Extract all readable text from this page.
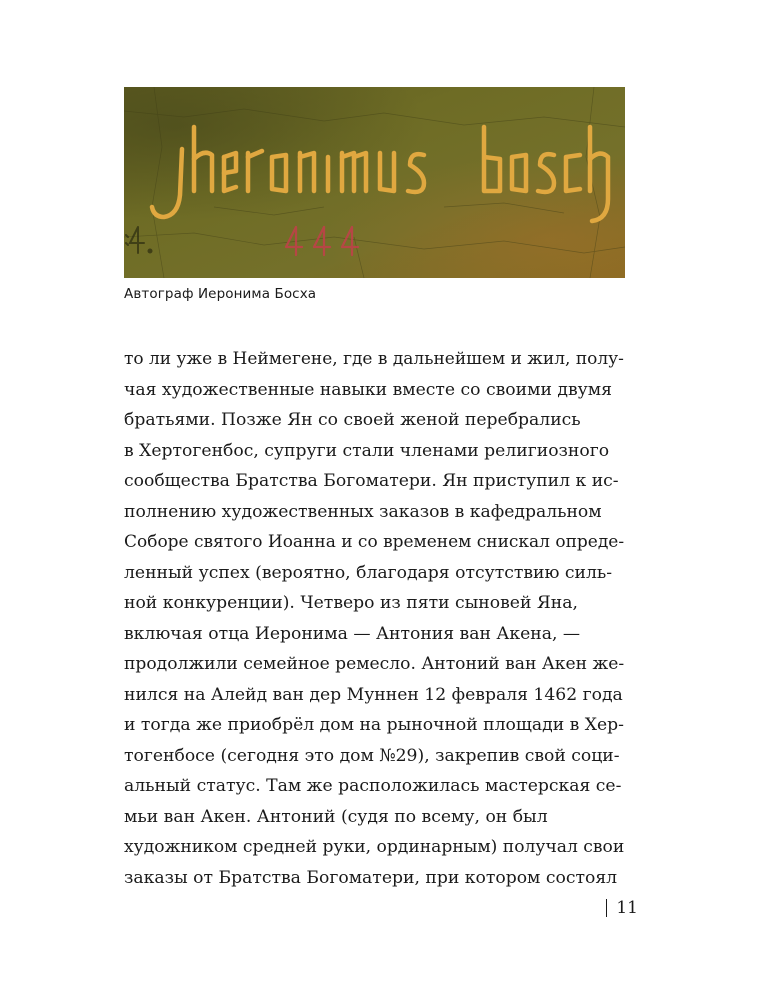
Автограф Иеронима Босха
то ли уже в Неймегене, где в дальнейшем и жил, полу-
чая художественные навыки вместе со своими двумя
братьями. Позже Ян со своей женой перебрались
в Хертогенбос, супруги стали членами религиозного
сообщества Братства Богоматери. Ян приступил к ис-
полнению художественных заказов в кафедральном
Соборе святого Иоанна и со временем снискал опреде-
ленный успех (вероятно, благодаря отсутствию силь-
ной конкуренции). Четверо из пяти сыновей Яна,
включая отца Иеронима — Антония ван Акена, —
продолжили семейное ремесло. Антоний ван Акен же-
нился на Алейд ван дер Муннен 12 февраля 1462 года
и тогда же приобрёл дом на рыночной площади в Хер-
тогенбосе (сегодня это дом №29), закрепив свой соци-
альный статус. Там же расположилась мастерская се-
мьи ван Акен. Антоний (судя по всему, он был
художником средней руки, ординарным) получал свои
заказы от Братства Богоматери, при котором состоял
11
